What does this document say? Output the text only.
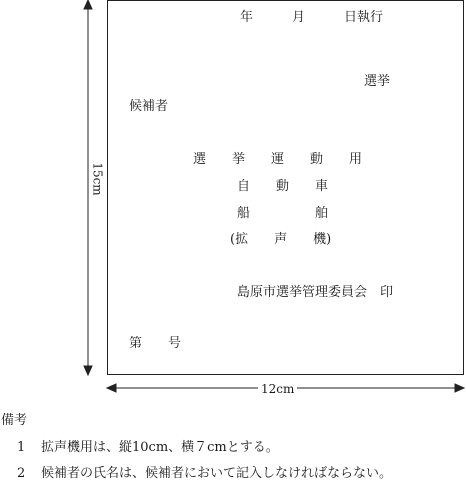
15cm
12cm

年　　　月　　　日執行

選挙

候補者

選　　挙　　運　　動　　用

自　　動　　車

船　　　　　舶

(拡　　声　　機)

島原市選挙管理委員会　印

第　　号

備考

1 拡声機用は、縦10cm、横７cmとする。

2 候補者の氏名は、候補者において記入しなければならない。
